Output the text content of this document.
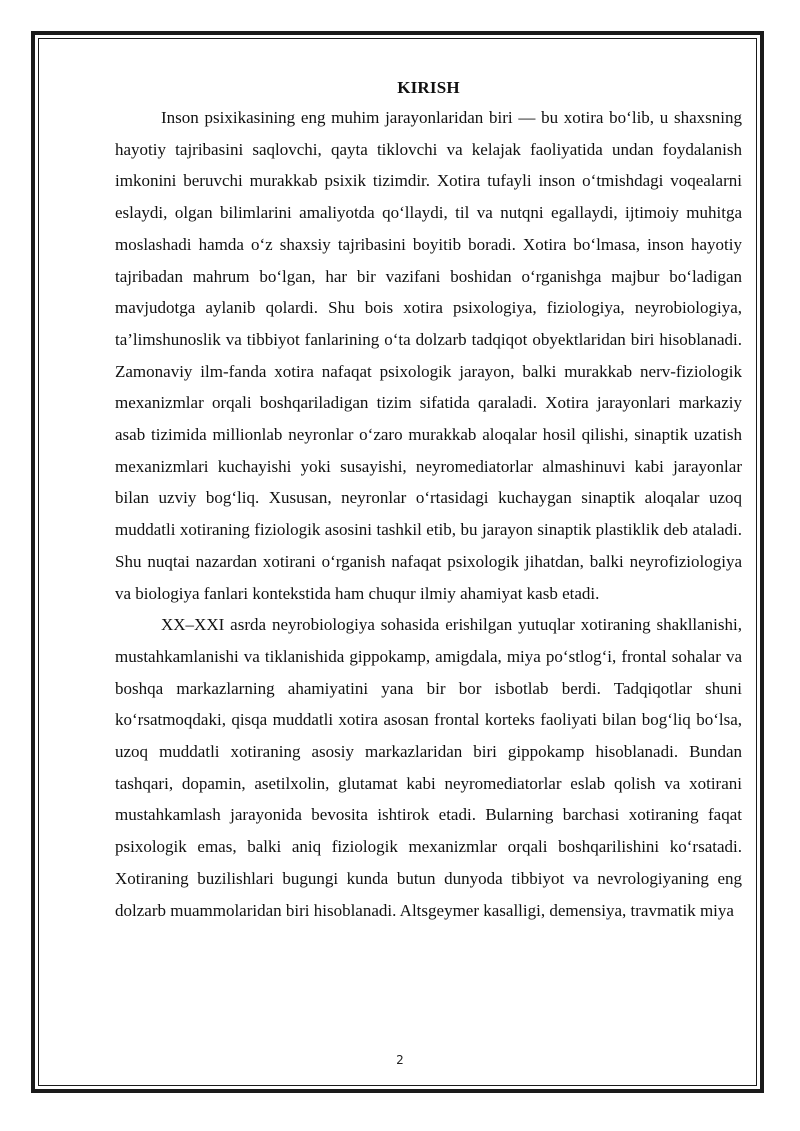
KIRISH

Inson psixikasining eng muhim jarayonlaridan biri — bu xotira bo‘lib, u shaxsning hayotiy tajribasini saqlovchi, qayta tiklovchi va kelajak faoliyatida undan foydalanish imkonini beruvchi murakkab psixik tizimdir. Xotira tufayli inson o‘tmishdagi voqealarni eslaydi, olgan bilimlarini amaliyotda qo‘llaydi, til va nutqni egallaydi, ijtimoiy muhitga moslashadi hamda o‘z shaxsiy tajribasini boyitib boradi. Xotira bo‘lmasa, inson hayotiy tajribadan mahrum bo‘lgan, har bir vazifani boshidan o‘rganishga majbur bo‘ladigan mavjudotga aylanib qolardi. Shu bois xotira psixologiya, fiziologiya, neyrobiologiya, ta’limshunoslik va tibbiyot fanlarining o‘ta dolzarb tadqiqot obyektlaridan biri hisoblanadi. Zamonaviy ilm-fanda xotira nafaqat psixologik jarayon, balki murakkab nerv-fiziologik mexanizmlar orqali boshqariladigan tizim sifatida qaraladi. Xotira jarayonlari markaziy asab tizimida millionlab neyronlar o‘zaro murakkab aloqalar hosil qilishi, sinaptik uzatish mexanizmlari kuchayishi yoki susayishi, neyromediatorlar almashinuvi kabi jarayonlar bilan uzviy bog‘liq. Xususan, neyronlar o‘rtasidagi kuchaygan sinaptik aloqalar uzoq muddatli xotiraning fiziologik asosini tashkil etib, bu jarayon sinaptik plastiklik deb ataladi. Shu nuqtai nazardan xotirani o‘rganish nafaqat psixologik jihatdan, balki neyrofiziologiya va biologiya fanlari kontekstida ham chuqur ilmiy ahamiyat kasb etadi.

XX–XXI asrda neyrobiologiya sohasida erishilgan yutuqlar xotiraning shakllanishi, mustahkamlanishi va tiklanishida gippokamp, amigdala, miya po‘stlog‘i, frontal sohalar va boshqa markazlarning ahamiyatini yana bir bor isbotlab berdi. Tadqiqotlar shuni ko‘rsatmoqdaki, qisqa muddatli xotira asosan frontal korteks faoliyati bilan bog‘liq bo‘lsa, uzoq muddatli xotiraning asosiy markazlaridan biri gippokamp hisoblanadi. Bundan tashqari, dopamin, asetilxolin, glutamat kabi neyromediatorlar eslab qolish va xotirani mustahkamlash jarayonida bevosita ishtirok etadi. Bularning barchasi xotiraning faqat psixologik emas, balki aniq fiziologik mexanizmlar orqali boshqarilishini ko‘rsatadi. Xotiraning buzilishlari bugungi kunda butun dunyoda tibbiyot va nevrologiyaning eng dolzarb muammolaridan biri hisoblanadi. Altsgeymer kasalligi, demensiya, travmatik miya

2
